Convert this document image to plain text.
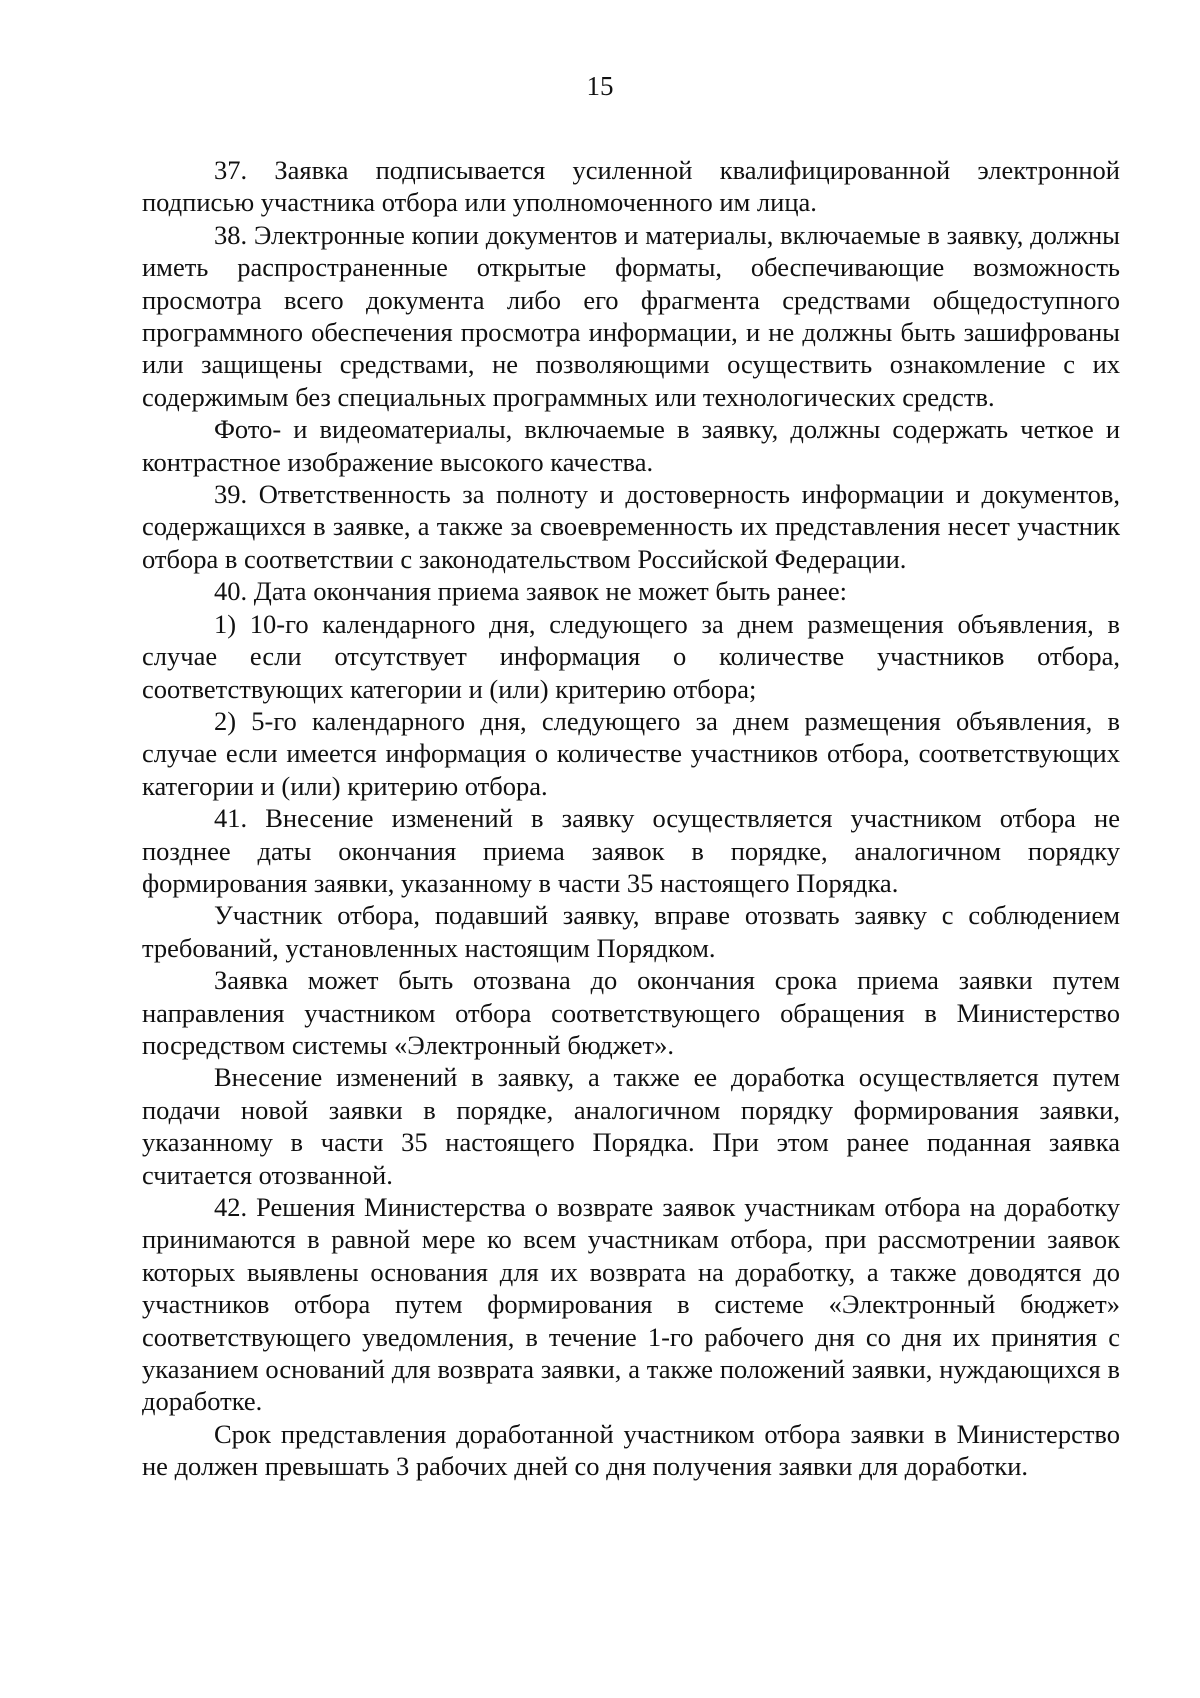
15

37. Заявка подписывается усиленной квалифицированной электронной подписью участника отбора или уполномоченного им лица.

38. Электронные копии документов и материалы, включаемые в заявку, должны иметь распространенные открытые форматы, обеспечивающие возможность просмотра всего документа либо его фрагмента средствами общедоступного программного обеспечения просмотра информации, и не должны быть зашифрованы или защищены средствами, не позволяющими осуществить ознакомление с их содержимым без специальных программных или технологических средств.

Фото- и видеоматериалы, включаемые в заявку, должны содержать четкое и контрастное изображение высокого качества.

39. Ответственность за полноту и достоверность информации и документов, содержащихся в заявке, а также за своевременность их представления несет участник отбора в соответствии с законодательством Российской Федерации.

40. Дата окончания приема заявок не может быть ранее:

1) 10-го календарного дня, следующего за днем размещения объявления, в случае если отсутствует информация о количестве участников отбора, соответствующих категории и (или) критерию отбора;

2) 5-го календарного дня, следующего за днем размещения объявления, в случае если имеется информация о количестве участников отбора, соответствующих категории и (или) критерию отбора.

41. Внесение изменений в заявку осуществляется участником отбора не позднее даты окончания приема заявок в порядке, аналогичном порядку формирования заявки, указанному в части 35 настоящего Порядка.

Участник отбора, подавший заявку, вправе отозвать заявку с соблюдением требований, установленных настоящим Порядком.

Заявка может быть отозвана до окончания срока приема заявки путем направления участником отбора соответствующего обращения в Министерство посредством системы «Электронный бюджет».

Внесение изменений в заявку, а также ее доработка осуществляется путем подачи новой заявки в порядке, аналогичном порядку формирования заявки, указанному в части 35 настоящего Порядка. При этом ранее поданная заявка считается отозванной.

42. Решения Министерства о возврате заявок участникам отбора на доработку принимаются в равной мере ко всем участникам отбора, при рассмотрении заявок которых выявлены основания для их возврата на доработку, а также доводятся до участников отбора путем формирования в системе «Электронный бюджет» соответствующего уведомления, в течение 1-го рабочего дня со дня их принятия с указанием оснований для возврата заявки, а также положений заявки, нуждающихся в доработке.

Срок представления доработанной участником отбора заявки в Министерство не должен превышать 3 рабочих дней со дня получения заявки для доработки.
